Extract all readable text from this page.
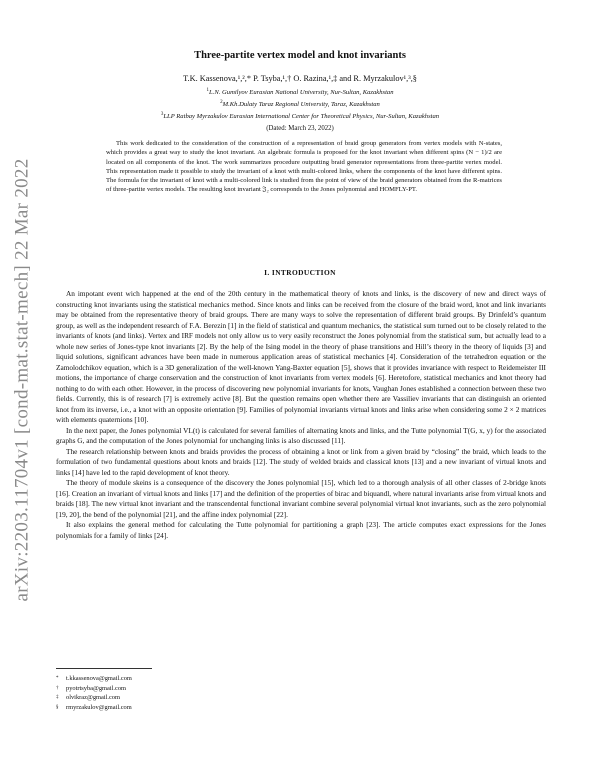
arXiv:2203.11704v1 [cond-mat.stat-mech] 22 Mar 2022
Three-partite vertex model and knot invariants
T.K. Kassenova,¹,²,* P. Tsyba,¹,† O. Razina,¹,‡ and R. Myrzakulov¹,³,§
$^1$L.N. Gumilyov Eurasian National University, Nur-Sultan, Kazakhstan
$^2$M.Kh.Dulaty Taraz Regional University, Taraz, Kazakhstan
$^3$LLP Ratbay Myrzakulov Eurasian International Center for Theoretical Physics, Nur-Sultan, Kazakhstan
(Dated: March 23, 2022)

This work dedicated to the consideration of the construction of a representation of braid group generators from vertex models with N-states, which provides a great way to study the knot invariant. An algebraic formula is proposed for the knot invariant when different spins (N − 1)/2 are located on all components of the knot. The work summarizes procedure outputting braid generator representations from three-partite vertex model. This representation made it possible to study the invariant of a knot with multi-colored links, where the components of the knot have different spins. The formula for the invariant of knot with a multi-colored link is studied from the point of view of the braid generators obtained from the R-matrices of three-partite vertex models. The resulting knot invariant 𝔍₂ corresponds to the Jones polynomial and HOMFLY-PT.

I. INTRODUCTION

An impotant event wich happened at the end of the 20th century in the mathematical theory of knots and links, is the discovery of new and direct ways of constructing knot invariants using the statistical mechanics method. Since knots and links can be received from the closure of the braid word, knot and link invariants may be obtained from the representative theory of braid groups. There are many ways to solve the representation of different braid groups. By Drinfeld’s quantum group, as well as the independent research of F.A. Berezin [1] in the field of statistical and quantum mechanics, the statistical sum turned out to be closely related to the invariants of knots (and links). Vertex and IRF models not only allow us to very easily reconstruct the Jones polynomial from the statistical sum, but actually lead to a whole new series of Jones-type knot invariants [2]. By the help of the Ising model in the theory of phase transitions and Hill’s theory in the theory of liquids [3] and liquid solutions, significant advances have been made in numerous application areas of statistical mechanics [4]. Consideration of the tetrahedron equation or the Zamolodchikov equation, which is a 3D generalization of the well-known Yang-Baxter equation [5], shows that it provides invariance with respect to Reidemeister III motions, the importance of charge conservation and the construction of knot invariants from vertex models [6]. Heretofore, statistical mechanics and knot theory had nothing to do with each other. However, in the process of discovering new polynomial invariants for knots, Vaughan Jones established a connection between these two fields. Currently, this is of research [7] is extremely active [8]. But the question remains open whether there are Vassiliev invariants that can distinguish an oriented knot from its inverse, i.e., a knot with an opposite orientation [9]. Families of polynomial invariants virtual knots and links arise when considering some 2 × 2 matrices with elements quaternions [10].

In the next paper, the Jones polynomial VL(t) is calculated for several families of alternating knots and links, and the Tutte polynomial T(G, x, y) for the associated graphs G, and the computation of the Jones polynomial for unchanging links is also discussed [11].

The research relationship between knots and braids provides the process of obtaining a knot or link from a given braid by “closing” the braid, which leads to the formulation of two fundamental questions about knots and braids [12]. The study of welded braids and classical knots [13] and a new invariant of virtual knots and links [14] have led to the rapid development of knot theory.

The theory of module skeins is a consequence of the discovery the Jones polynomial [15], which led to a thorough analysis of all other classes of 2-bridge knots [16]. Creation an invariant of virtual knots and links [17] and the definition of the properties of birac and biquandl, where natural invariants arise from virtual knots and braids [18]. The new virtual knot invariant and the transcendental functional invariant combine several polynomial virtual knot invariants, such as the zero polynomial [19, 20], the bend of the polynomial [21], and the affine index polynomial [22].

It also explains the general method for calculating the Tutte polynomial for partitioning a graph [23]. The article computes exact expressions for the Jones polynomials for a family of links [24].

* t.kkassenova@gmail.com
† pyotrtsyba@gmail.com
‡ olvikraz@gmail.com
§ rmyrzakulov@gmail.com
